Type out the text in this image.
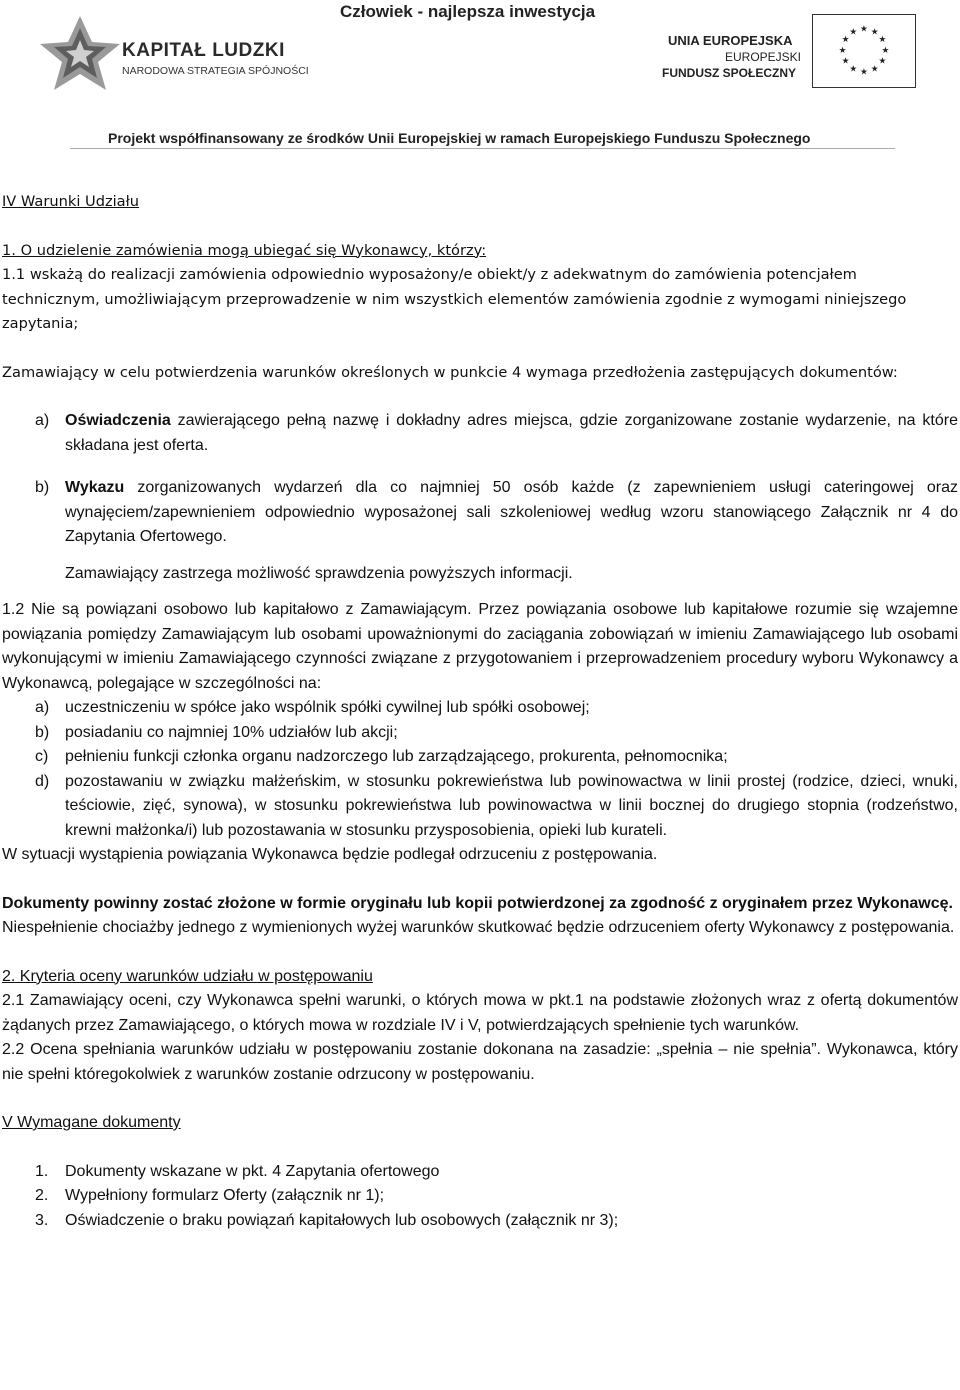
Człowiek - najlepsza inwestycja
KAPITAŁ LUDZKI
NARODOWA STRATEGIA SPÓJNOŚCI
UNIA EUROPEJSKA
EUROPEJSKI
FUNDUSZ SPOŁECZNY
★ ★
★
★
★
★
★
★
★
★
★
★
Projekt współfinansowany ze środków Unii Europejskiej w ramach Europejskiego Funduszu Społecznego

IV Warunki Udziału

1. O udzielenie zamówienia mogą ubiegać się Wykonawcy, którzy:

1.1 wskażą do realizacji zamówienia odpowiednio wyposażony/e obiekt/y z adekwatnym do zamówienia potencjałem technicznym, umożliwiającym przeprowadzenie w nim wszystkich elementów zamówienia zgodnie z wymogami niniejszego zapytania;

Zamawiający w celu potwierdzenia warunków określonych w punkcie 4 wymaga przedłożenia zastępujących dokumentów:

a) Oświadczenia zawierającego pełną nazwę i dokładny adres miejsca, gdzie zorganizowane zostanie wydarzenie, na które składana jest oferta.
b) Wykazu zorganizowanych wydarzeń dla co najmniej 50 osób każde (z zapewnieniem usługi cateringowej oraz wynajęciem/zapewnieniem odpowiednio wyposażonej sali szkoleniowej według wzoru stanowiącego Załącznik nr 4 do Zapytania Ofertowego.

Zamawiający zastrzega możliwość sprawdzenia powyższych informacji.

1.2 Nie są powiązani osobowo lub kapitałowo z Zamawiającym. Przez powiązania osobowe lub kapitałowe rozumie się wzajemne powiązania pomiędzy Zamawiającym lub osobami upoważnionymi do zaciągania zobowiązań w imieniu Zamawiającego lub osobami wykonującymi w imieniu Zamawiającego czynności związane z przygotowaniem i przeprowadzeniem procedury wyboru Wykonawcy a Wykonawcą, polegające w szczególności na:

a) uczestniczeniu w spółce jako wspólnik spółki cywilnej lub spółki osobowej;
b) posiadaniu co najmniej 10% udziałów lub akcji;
c)	pełnieniu funkcji członka organu nadzorczego lub zarządzającego, prokurenta, pełnomocnika;
d) pozostawaniu w związku małżeńskim, w stosunku pokrewieństwa lub powinowactwa w linii prostej (rodzice, dzieci, wnuki, teściowie, zięć, synowa), w stosunku pokrewieństwa lub powinowactwa w linii bocznej do drugiego stopnia (rodzeństwo, krewni małżonka/i) lub pozostawania w stosunku przysposobienia, opieki lub kurateli.

W sytuacji wystąpienia powiązania Wykonawca będzie podlegał odrzuceniu z postępowania.

Dokumenty powinny zostać złożone w formie oryginału lub kopii potwierdzonej za zgodność z oryginałem przez Wykonawcę.

Niespełnienie chociażby jednego z wymienionych wyżej warunków skutkować będzie odrzuceniem oferty Wykonawcy z postępowania.

2. Kryteria oceny warunków udziału w postępowaniu

2.1 Zamawiający oceni, czy Wykonawca spełni warunki, o których mowa w pkt.1 na podstawie złożonych wraz z ofertą dokumentów żądanych przez Zamawiającego, o których mowa w rozdziale IV i V, potwierdzających spełnienie tych warunków.

2.2 Ocena spełniania warunków udziału w postępowaniu zostanie dokonana na zasadzie: „spełnia – nie spełnia”. Wykonawca, który nie spełni któregokolwiek z warunków zostanie odrzucony w postępowaniu.

V Wymagane dokumenty

1.	Dokumenty wskazane w pkt. 4 Zapytania ofertowego
2.	Wypełniony formularz Oferty (załącznik nr 1);
3.	Oświadczenie o braku powiązań kapitałowych lub osobowych (załącznik nr 3);
